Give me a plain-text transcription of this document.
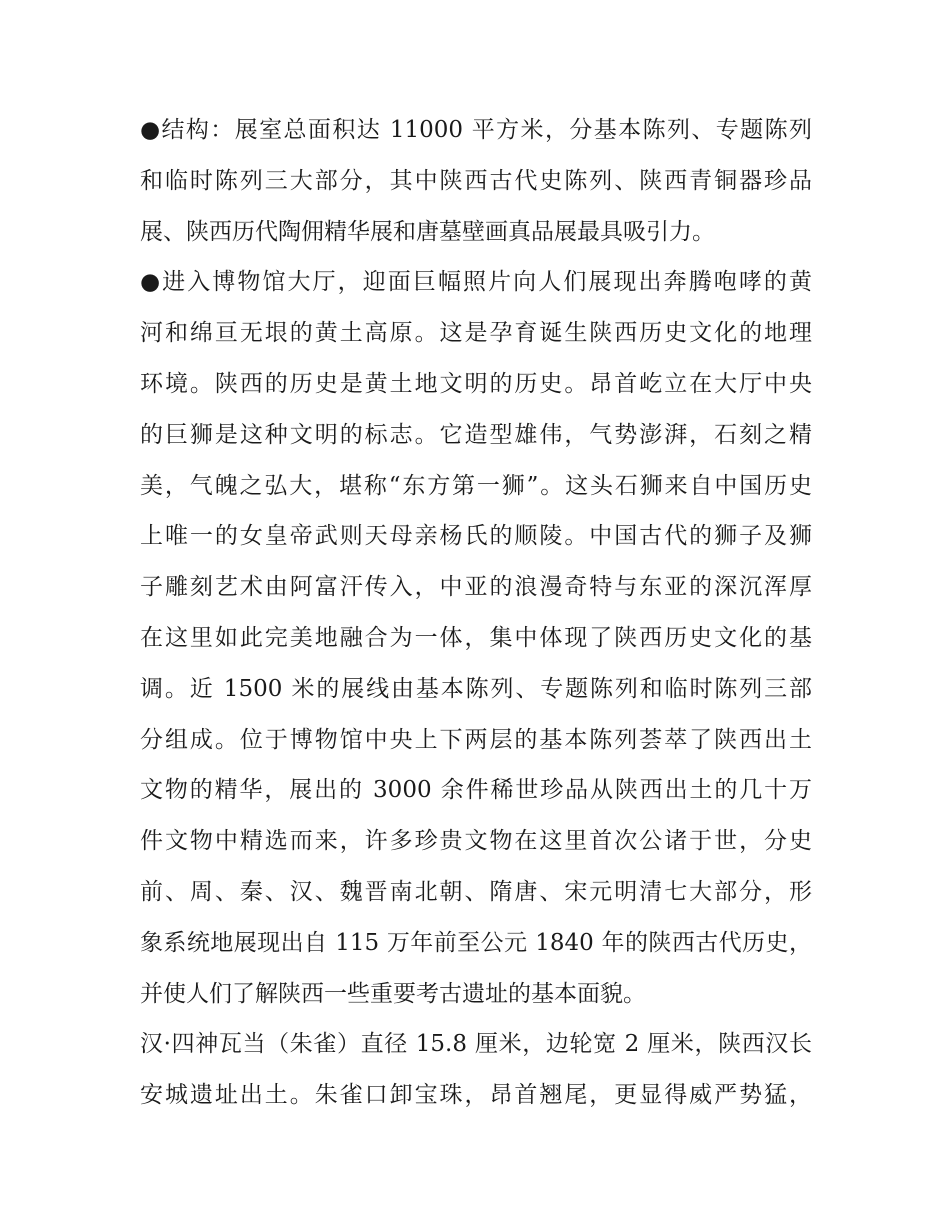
●结构：展室总面积达 11000 平方米，分基本陈列、专题陈列
和临时陈列三大部分，其中陕西古代史陈列、陕西青铜器珍品
展、陕西历代陶佣精华展和唐墓壁画真品展最具吸引力。
●进入博物馆大厅，迎面巨幅照片向人们展现出奔腾咆哮的黄
河和绵亘无垠的黄土高原。这是孕育诞生陕西历史文化的地理
环境。陕西的历史是黄土地文明的历史。昂首屹立在大厅中央
的巨狮是这种文明的标志。它造型雄伟，气势澎湃，石刻之精
美，气魄之弘大，堪称“东方第一狮”。这头石狮来自中国历史
上唯一的女皇帝武则天母亲杨氏的顺陵。中国古代的狮子及狮
子雕刻艺术由阿富汗传入，中亚的浪漫奇特与东亚的深沉浑厚
在这里如此完美地融合为一体，集中体现了陕西历史文化的基
调。近 1500 米的展线由基本陈列、专题陈列和临时陈列三部
分组成。位于博物馆中央上下两层的基本陈列荟萃了陕西出土
文物的精华，展出的 3000 余件稀世珍品从陕西出土的几十万
件文物中精选而来，许多珍贵文物在这里首次公诸于世，分史
前、周、秦、汉、魏晋南北朝、隋唐、宋元明清七大部分，形
象系统地展现出自 115 万年前至公元 1840 年的陕西古代历史，
并使人们了解陕西一些重要考古遗址的基本面貌。
汉·四神瓦当（朱雀）直径 15.8 厘米，边轮宽 2 厘米，陕西汉长
安城遗址出土。朱雀口卸宝珠，昂首翘尾，更显得威严势猛，
